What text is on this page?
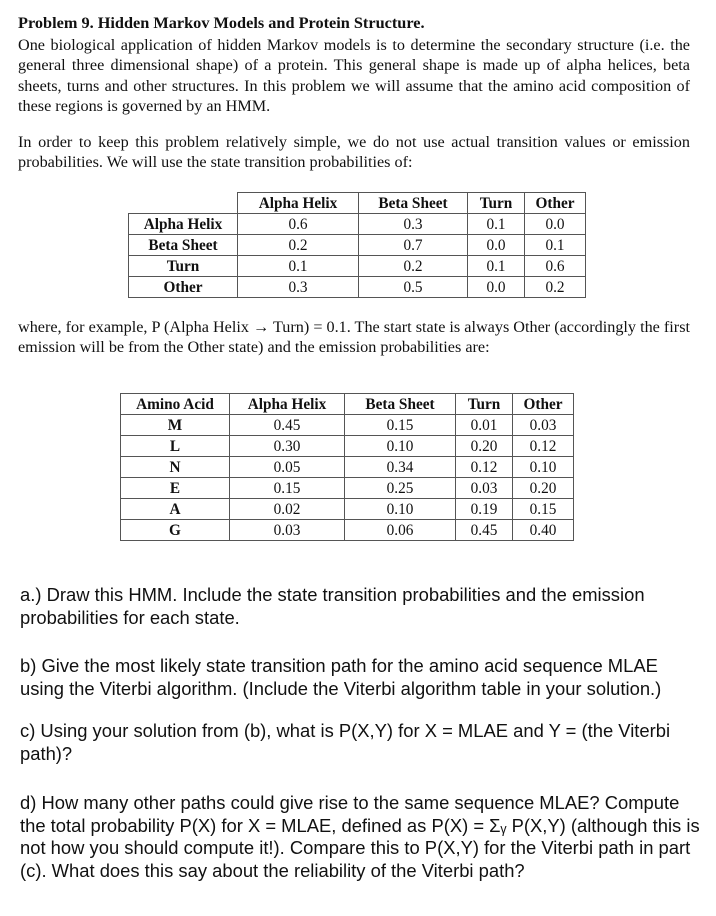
Problem 9. Hidden Markov Models and Protein Structure.
One biological application of hidden Markov models is to determine the secondary structure (i.e. the general three dimensional shape) of a protein. This general shape is made up of alpha helices, beta sheets, turns and other structures. In this problem we will assume that the amino acid composition of these regions is governed by an HMM.
In order to keep this problem relatively simple, we do not use actual transition values or emission probabilities. We will use the state transition probabilities of:
	Alpha Helix	Beta Sheet	Turn	Other
Alpha Helix	0.6	0.3	0.1	0.0
Beta Sheet	0.2	0.7	0.0	0.1
Turn	0.1	0.2	0.1	0.6
Other	0.3	0.5	0.0	0.2
where, for example, P (Alpha Helix → Turn) = 0.1. The start state is always Other (accordingly the first emission will be from the Other state) and the emission probabilities are:
Amino Acid	Alpha Helix	Beta Sheet	Turn	Other
M	0.45	0.15	0.01	0.03
L	0.30	0.10	0.20	0.12
N	0.05	0.34	0.12	0.10
E	0.15	0.25	0.03	0.20
A	0.02	0.10	0.19	0.15
G	0.03	0.06	0.45	0.40
a.) Draw this HMM. Include the state transition probabilities and the emission probabilities for each state.
b) Give the most likely state transition path for the amino acid sequence MLAE using the Viterbi algorithm. (Include the Viterbi algorithm table in your solution.)
c) Using your solution from (b), what is P(X,Y) for X = MLAE and Y = (the Viterbi path)?
d) How many other paths could give rise to the same sequence MLAE? Compute the total probability P(X) for X = MLAE, defined as P(X) = Σᵧ P(X,Y) (although this is not how you should compute it!). Compare this to P(X,Y) for the Viterbi path in part (c). What does this say about the reliability of the Viterbi path?
